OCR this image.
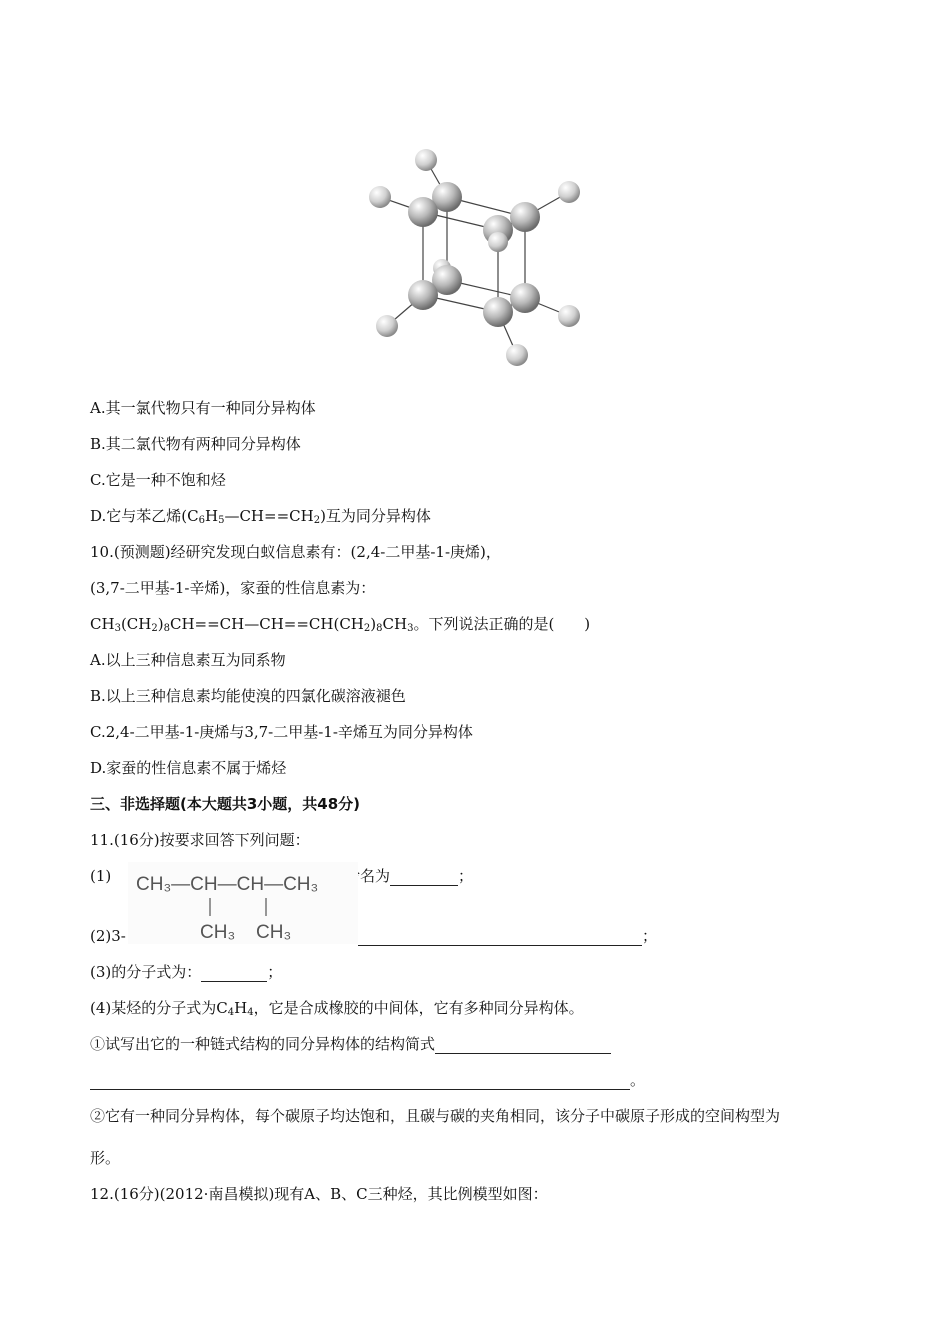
A.其一氯代物只有一种同分异构体
B.其二氯代物有两种同分异构体
C.它是一种不饱和烃
D.它与苯乙烯$(C_6H_5—CH==CH_2)$互为同分异构体
10.(预测题)经研究发现白蚁信息素有：(2,4-二甲基-1-庚烯)，
(3,7-二甲基-1-辛烯)，家蚕的性信息素为：
$CH_3(CH_2)_8CH==CH—CH==CH(CH_2)_8CH_3$。下列说法正确的是(　　)
A.以上三种信息素互为同系物
B.以上三种信息素均能使溴的四氯化碳溶液褪色
C.2,4-二甲基-1-庚烯与3,7-二甲基-1-辛烯互为同分异构体
D.家蚕的性信息素不属于烯烃
三、非选择题(本大题共3小题，共48分)
11.(16分)按要求回答下列问题：
(1)	的系统命名为	；
CH₃—CH—CH—CH₃
CH₃ CH₃
(2)3-	；
(3)的分子式为：	；
(4)某烃的分子式为$C_4H_4$，它是合成橡胶的中间体，它有多种同分异构体。
①试写出它的一种链式结构的同分异构体的结构简式
。
②它有一种同分异构体，每个碳原子均达饱和，且碳与碳的夹角相同，该分子中碳原子形成的空间构型为
形。
12.(16分)(2012·南昌模拟)现有A、B、C三种烃，其比例模型如图：
